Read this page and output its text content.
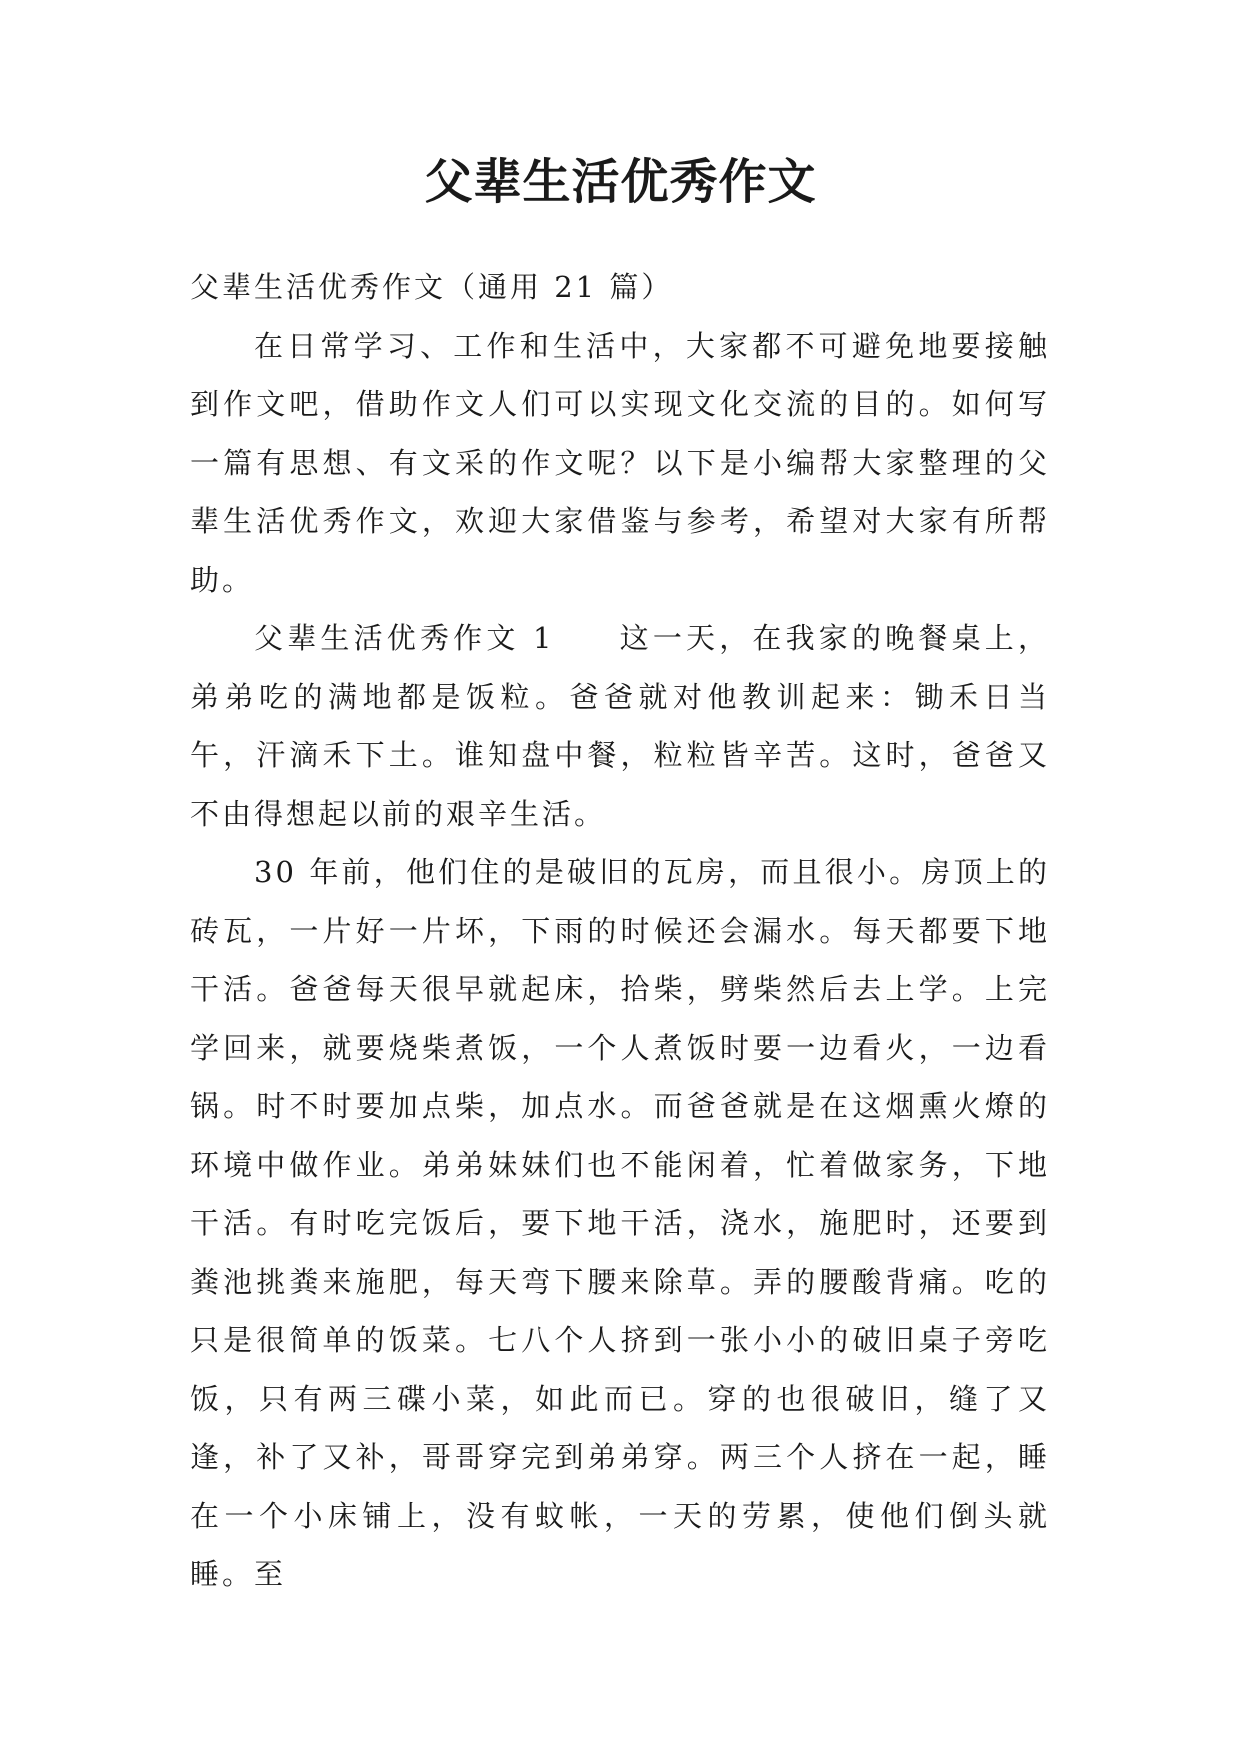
父辈生活优秀作文

父辈生活优秀作文（通用 21 篇）

在日常学习、工作和生活中，大家都不可避免地要接触到作文吧，借助作文人们可以实现文化交流的目的。如何写一篇有思想、有文采的作文呢？以下是小编帮大家整理的父辈生活优秀作文，欢迎大家借鉴与参考，希望对大家有所帮助。

父辈生活优秀作文 1 这一天，在我家的晚餐桌上，弟弟吃的满地都是饭粒。爸爸就对他教训起来：锄禾日当午，汗滴禾下土。谁知盘中餐，粒粒皆辛苦。这时，爸爸又不由得想起以前的艰辛生活。

30 年前，他们住的是破旧的瓦房，而且很小。房顶上的砖瓦，一片好一片坏，下雨的时候还会漏水。每天都要下地干活。爸爸每天很早就起床，拾柴，劈柴然后去上学。上完学回来，就要烧柴煮饭，一个人煮饭时要一边看火，一边看锅。时不时要加点柴，加点水。而爸爸就是在这烟熏火燎的环境中做作业。弟弟妹妹们也不能闲着，忙着做家务，下地干活。有时吃完饭后，要下地干活，浇水，施肥时，还要到粪池挑粪来施肥，每天弯下腰来除草。弄的腰酸背痛。吃的只是很简单的饭菜。七八个人挤到一张小小的破旧桌子旁吃饭，只有两三碟小菜，如此而已。穿的也很破旧，缝了又逢，补了又补，哥哥穿完到弟弟穿。两三个人挤在一起，睡在一个小床铺上，没有蚊帐，一天的劳累，使他们倒头就睡。至
